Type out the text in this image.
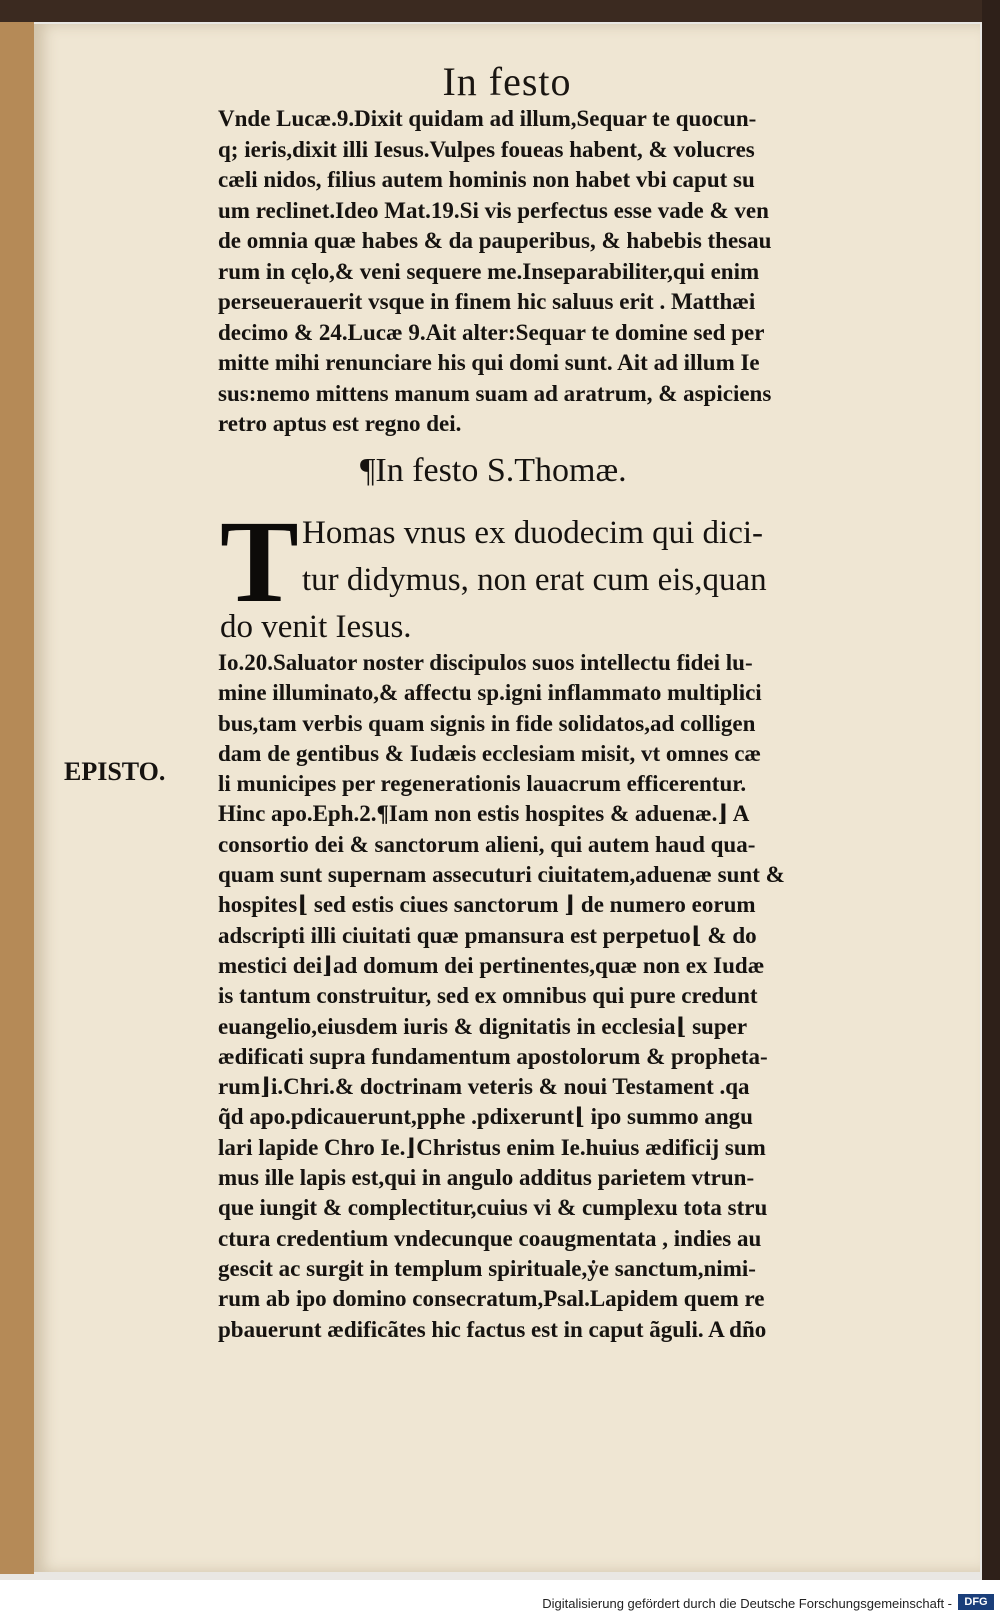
In festo
Vnde Lucæ.9.Dixit quidam ad illum,Sequar te quocun-
q; ieris,dixit illi Iesus.Vulpes foueas habent, & volucres
cæli nidos, filius autem hominis non habet vbi caput su
um reclinet.Ideo Mat.19.Si vis perfectus esse vade & ven
de omnia quæ habes & da pauperibus, & habebis thesau
rum in cęlo,& veni sequere me.Inseparabiliter,qui enim
perseuerauerit vsque in finem hic saluus erit . Matthæi
decimo & 24.Lucæ 9.Ait alter:Sequar te domine sed per
mitte mihi renunciare his qui domi sunt. Ait ad illum Ie
sus:nemo mittens manum suam ad aratrum, & aspiciens
retro aptus est regno dei.
¶In festo S.Thomæ.
T Homas vnus ex duodecim qui dici-
tur didymus, non erat cum eis,quan
do venit Iesus.
EPISTO.
Io.20.Saluator noster discipulos suos intellectu fidei lu-
mine illuminato,& affectu sp.igni inflammato multiplici
bus,tam verbis quam signis in fide solidatos,ad colligen
dam de gentibus & Iudæis ecclesiam misit, vt omnes cæ
li municipes per regenerationis lauacrum efficerentur.
Hinc apo.Eph.2.¶Iam non estis hospites & aduenæ.⌋ A
consortio dei & sanctorum alieni, qui autem haud qua-
quam sunt supernam assecuturi ciuitatem,aduenæ sunt &
hospites⌊ sed estis ciues sanctorum ⌋ de numero eorum
adscripti illi ciuitati quæ pmansura est perpetuo⌊ & do
mestici dei⌋ad domum dei pertinentes,quæ non ex Iudæ
is tantum construitur, sed ex omnibus qui pure credunt
euangelio,eiusdem iuris & dignitatis in ecclesia⌊ super
ædificati supra fundamentum apostolorum & propheta-
rum⌋i.Chri.& doctrinam veteris & noui Testament .qa
q̃d apo.pdicauerunt,pphe .pdixerunt⌊ ipo summo angu
lari lapide Chro Ie.⌋Christus enim Ie.huius ædificij sum
mus ille lapis est,qui in angulo additus parietem vtrun-
que iungit & complectitur,cuius vi & cumplexu tota stru
ctura credentium vndecunque coaugmentata , indies au
gescit ac surgit in templum spirituale,ẏe sanctum,nimi-
rum ab ipo domino consecratum,Psal.Lapidem quem re
pbauerunt ædificãtes hic factus est in caput ãguli. A dño
Digitalisierung gefördert durch die Deutsche Forschungsgemeinschaft -	DFG
